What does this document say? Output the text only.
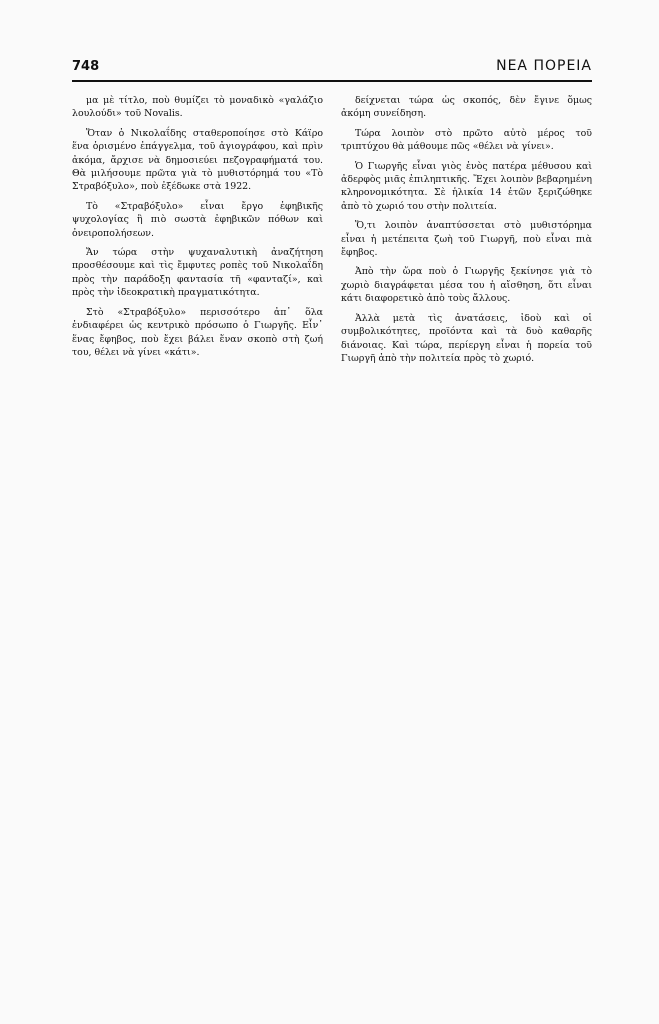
748	ΝΕΑ ΠΟΡΕΙΑ

μα μὲ τίτλο, ποὺ θυμίζει τὸ μοναδικὸ «γαλάζιο λουλούδι» τοῦ Novalis.

Ὅταν ὁ Νικολαΐδης σταθεροποίησε στὸ Κάϊρο ἕνα ὁρισμένο ἐπάγγελμα, τοῦ ἀγιογράφου, καὶ πρὶν ἀκόμα, ἄρχισε νὰ δημοσιεύει πεζογραφήματά του. Θὰ μιλήσουμε πρῶτα γιὰ τὸ μυθιστόρημά του «Τὸ Στραβόξυλο», ποὺ ἐξέδωκε στὰ 1922.

Τὸ «Στραβόξυλο» εἶναι ἔργο ἐφηβικῆς ψυχολογίας ἢ πιὸ σωστὰ ἐφηβικῶν πόθων καὶ ὀνειροπολήσεων.

Ἄν τώρα στὴν ψυχαναλυτικὴ ἀναζήτηση προσθέσουμε καὶ τὶς ἔμφυτες ροπὲς τοῦ Νικολαΐδη πρὸς τὴν παράδοξη φαντασία τῆ «φανταζί», καὶ πρὸς τὴν ἰδεοκρατικὴ πραγματικότητα.

Στὸ «Στραβόξυλο» περισσότερο ἀπ᾿ ὅλα ἐνδιαφέρει ὡς κεντρικὸ πρόσωπο ὁ Γιωργῆς. Εἶν᾿ ἕνας ἔφηβος, ποὺ ἔχει βάλει ἕναν σκοπὸ στὴ ζωή του, θέλει νὰ γίνει «κάτι».

δείχνεται τώρα ὡς σκοπός, δὲν ἔγινε ὅμως ἀκόμη συνείδηση.

Τώρα λοιπὸν στὸ πρῶτο αὐτὸ μέρος τοῦ τριπτύχου θὰ μάθουμε πῶς «θέλει νὰ γίνει».

Ὁ Γιωργῆς εἶναι γιὸς ἑνὸς πατέρα μέθυσου καὶ ἀδερφὸς μιᾶς ἐπιληπτικῆς. Ἔχει λοιπὸν βεβαρημένη κληρονομικότητα. Σὲ ἡλικία 14 ἐτῶν ξεριζώθηκε ἀπὸ τὸ χωριό του στὴν πολιτεία.

Ὅ,τι λοιπὸν ἀναπτύσσεται στὸ μυθιστόρημα εἶναι ἡ μετέπειτα ζωὴ τοῦ Γιωργῆ, ποὺ εἶναι πιὰ ἔφηβος.

Ἀπὸ τὴν ὥρα ποὺ ὁ Γιωργῆς ξεκίνησε γιὰ τὸ χωριὸ διαγράφεται μέσα του ἡ αἴσθηση, ὅτι εἶναι κάτι διαφορετικὸ ἀπὸ τοὺς ἄλλους.

Ἀλλὰ μετὰ τὶς ἀνατάσεις, ἰδοὺ καὶ οἱ συμβολικότητες, προϊόντα καὶ τὰ δυὸ καθαρῆς διάνοιας. Καὶ τώρα, περίεργη εἶναι ἡ πορεία τοῦ Γιωργῆ ἀπὸ τὴν πολιτεία πρὸς τὸ χωριό.
